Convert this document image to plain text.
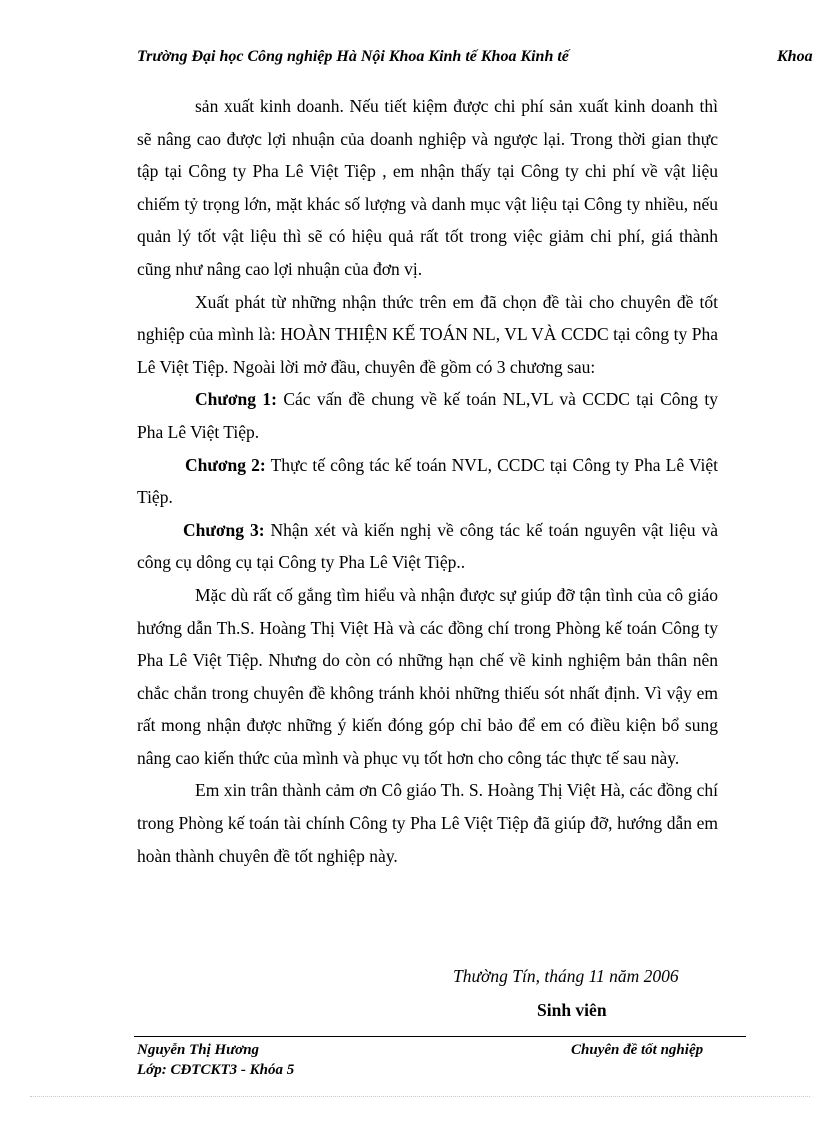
Trường Đại học Công nghiệp Hà Nội Khoa Kinh tế Khoa Kinh tế	Khoa

sản xuất kinh doanh. Nếu tiết kiệm được chi phí sản xuất kinh doanh thì sẽ nâng cao được lợi nhuận của doanh nghiệp và ngược lại. Trong thời gian thực tập tại Công ty Pha Lê Việt Tiệp , em nhận thấy tại Công ty chi phí về vật liệu chiếm tỷ trọng lớn, mặt khác số lượng và danh mục vật liệu tại Công ty nhiều, nếu quản lý tốt vật liệu thì sẽ có hiệu quả rất tốt trong việc giảm chi phí, giá thành cũng như nâng cao lợi nhuận của đơn vị.

Xuất phát từ những nhận thức trên em đã chọn đề tài cho chuyên đề tốt nghiệp của mình là: HOÀN THIỆN KẾ TOÁN NL, VL VÀ CCDC tại công ty Pha Lê Việt Tiệp. Ngoài lời mở đầu, chuyên đề gồm có 3 chương sau:

Chương 1: Các vấn đề chung về kế toán NL,VL và CCDC tại Công ty Pha Lê Việt Tiệp.

Chương 2: Thực tế công tác kế toán NVL, CCDC tại Công ty Pha Lê Việt Tiệp.

Chương 3: Nhận xét và kiến nghị về công tác kế toán nguyên vật liệu và công cụ dông cụ tại Công ty Pha Lê Việt Tiệp..

Mặc dù rất cố gắng tìm hiểu và nhận được sự giúp đỡ tận tình của cô giáo hướng dẫn Th.S. Hoàng Thị Việt Hà và các đồng chí trong Phòng kế toán Công ty Pha Lê Việt Tiệp. Nhưng do còn có những hạn chế về kinh nghiệm bản thân nên chắc chắn trong chuyên đề không tránh khỏi những thiếu sót nhất định. Vì vậy em rất mong nhận được những ý kiến đóng góp chỉ bảo để em có điều kiện bổ sung nâng cao kiến thức của mình và phục vụ tốt hơn cho công tác thực tế sau này.

Em xin trân thành cảm ơn Cô giáo Th. S. Hoàng Thị Việt Hà, các đồng chí trong Phòng kế toán tài chính Công ty Pha Lê Việt Tiệp đã giúp đỡ, hướng dẫn em hoàn thành chuyên đề tốt nghiệp này.

Thường Tín, tháng 11 năm 2006
Sinh viên
Nguyễn Thị Hương
Lớp: CĐTCKT3 - Khóa 5
Chuyên đề tốt nghiệp
